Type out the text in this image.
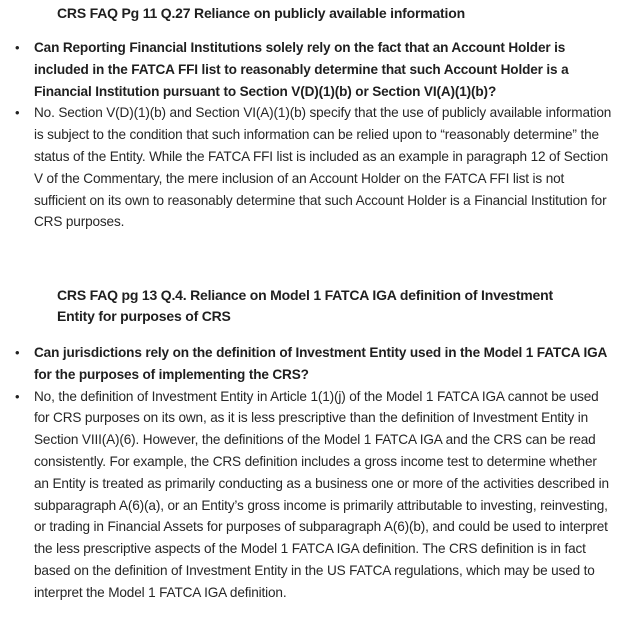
CRS FAQ Pg 11 Q.27 Reliance on publicly available information
• Can Reporting Financial Institutions solely rely on the fact that an Account Holder is included in the FATCA FFI list to reasonably determine that such Account Holder is a Financial Institution pursuant to Section V(D)(1)(b) or Section VI(A)(1)(b)?
• No. Section V(D)(1)(b) and Section VI(A)(1)(b) specify that the use of publicly available information is subject to the condition that such information can be relied upon to “reasonably determine” the status of the Entity. While the FATCA FFI list is included as an example in paragraph 12 of Section V of the Commentary, the mere inclusion of an Account Holder on the FATCA FFI list is not sufficient on its own to reasonably determine that such Account Holder is a Financial Institution for CRS purposes.
CRS FAQ pg 13 Q.4. Reliance on Model 1 FATCA IGA definition of Investment Entity for purposes of CRS
• Can jurisdictions rely on the definition of Investment Entity used in the Model 1 FATCA IGA for the purposes of implementing the CRS?
• No, the definition of Investment Entity in Article 1(1)(j) of the Model 1 FATCA IGA cannot be used for CRS purposes on its own, as it is less prescriptive than the definition of Investment Entity in Section VIII(A)(6). However, the definitions of the Model 1 FATCA IGA and the CRS can be read consistently. For example, the CRS definition includes a gross income test to determine whether an Entity is treated as primarily conducting as a business one or more of the activities described in subparagraph A(6)(a), or an Entity’s gross income is primarily attributable to investing, reinvesting, or trading in Financial Assets for purposes of subparagraph A(6)(b), and could be used to interpret the less prescriptive aspects of the Model 1 FATCA IGA definition. The CRS definition is in fact based on the definition of Investment Entity in the US FATCA regulations, which may be used to interpret the Model 1 FATCA IGA definition.
